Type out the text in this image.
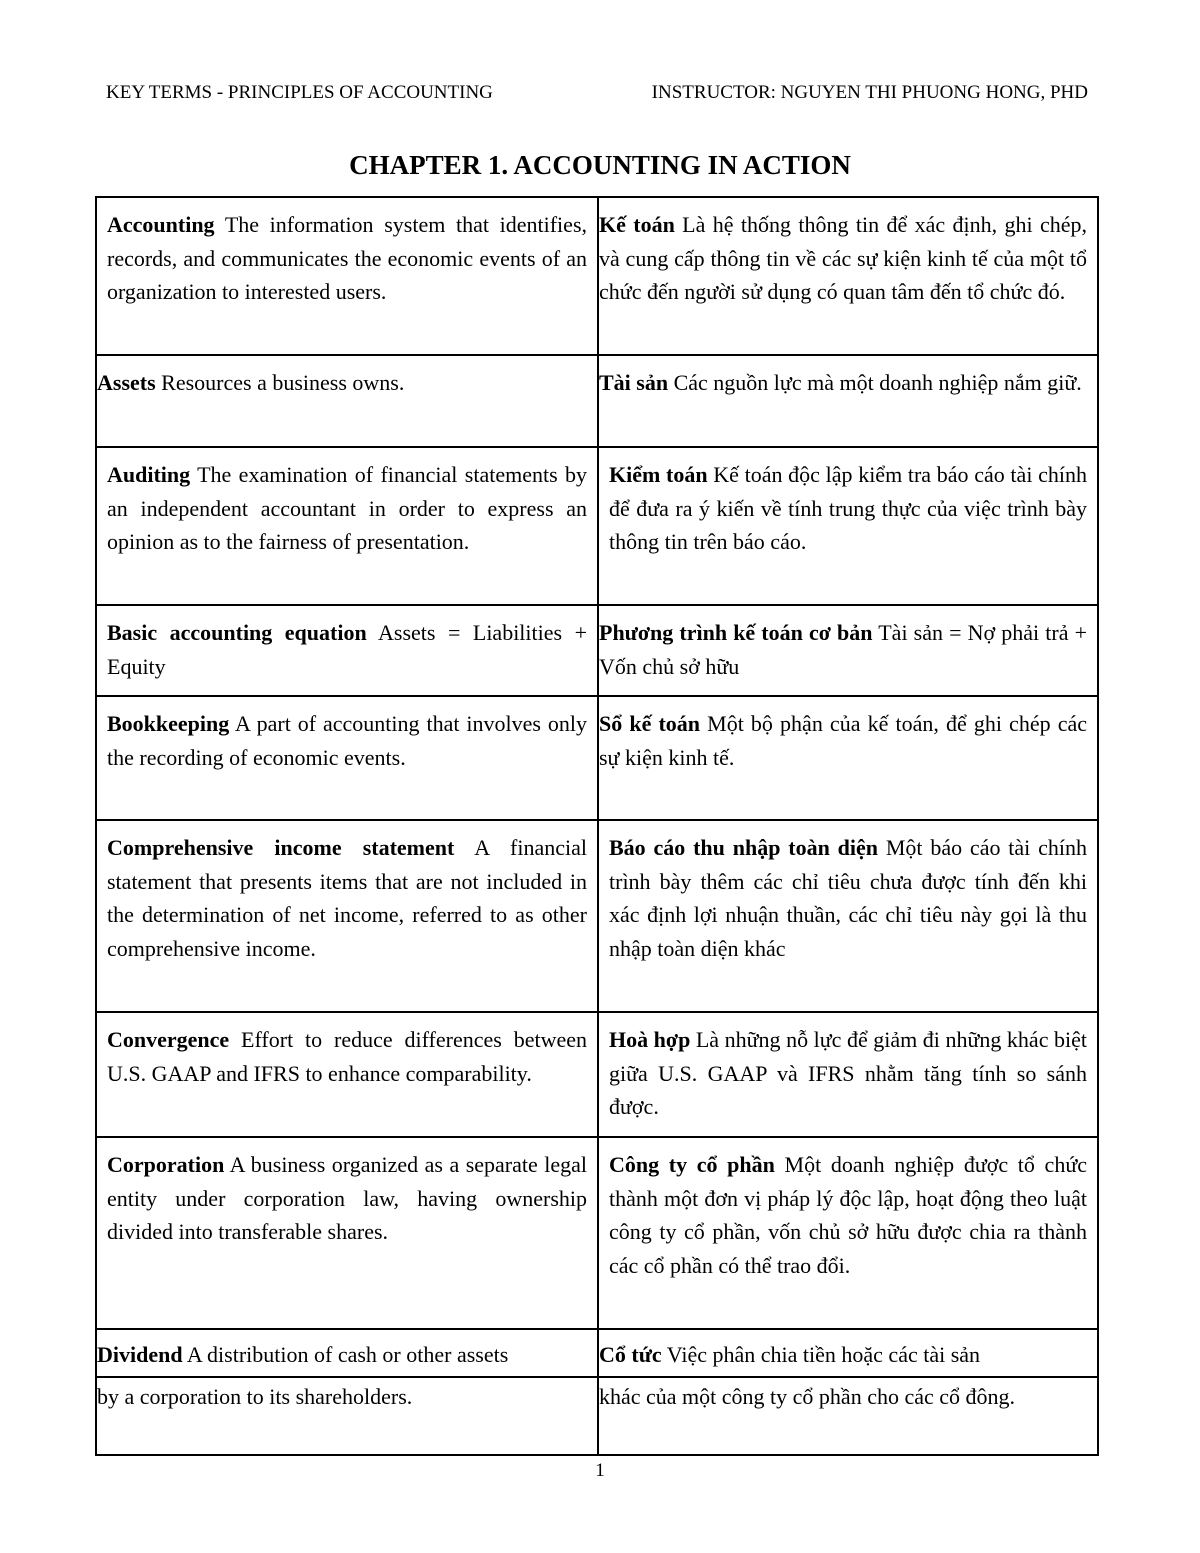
KEY TERMS - PRINCIPLES OF ACCOUNTING	INSTRUCTOR: NGUYEN THI PHUONG HONG, PHD
CHAPTER 1. ACCOUNTING IN ACTION
Accounting The information system that identifies, records, and communicates the economic events of an organization to interested users.	Kế toán Là hệ thống thông tin để xác định, ghi chép, và cung cấp thông tin về các sự kiện kinh tế của một tổ chức đến người sử dụng có quan tâm đến tổ chức đó.
Assets Resources a business owns.	Tài sản Các nguồn lực mà một doanh nghiệp nắm giữ.
Auditing The examination of financial statements by an independent accountant in order to express an opinion as to the fairness of presentation.	Kiểm toán Kế toán độc lập kiểm tra báo cáo tài chính để đưa ra ý kiến về tính trung thực của việc trình bày thông tin trên báo cáo.
Basic accounting equation Assets = Liabilities + Equity	Phương trình kế toán cơ bản Tài sản = Nợ phải trả + Vốn chủ sở hữu
Bookkeeping A part of accounting that involves only the recording of economic events.	Sổ kế toán Một bộ phận của kế toán, để ghi chép các sự kiện kinh tế.
Comprehensive income statement A financial statement that presents items that are not included in the determination of net income, referred to as other comprehensive income.	Báo cáo thu nhập toàn diện Một báo cáo tài chính trình bày thêm các chỉ tiêu chưa được tính đến khi xác định lợi nhuận thuần, các chỉ tiêu này gọi là thu nhập toàn diện khác
Convergence Effort to reduce differences between U.S. GAAP and IFRS to enhance comparability.	Hoà hợp Là những nỗ lực để giảm đi những khác biệt giữa U.S. GAAP và IFRS nhằm tăng tính so sánh được.
Corporation A business organized as a separate legal entity under corporation law, having ownership divided into transferable shares.	Công ty cổ phần Một doanh nghiệp được tổ chức thành một đơn vị pháp lý độc lập, hoạt động theo luật công ty cổ phần, vốn chủ sở hữu được chia ra thành các cổ phần có thể trao đổi.
Dividend A distribution of cash or other assets	Cổ tức Việc phân chia tiền hoặc các tài sản
by a corporation to its shareholders.	khác của một công ty cổ phần cho các cổ đông.
1
